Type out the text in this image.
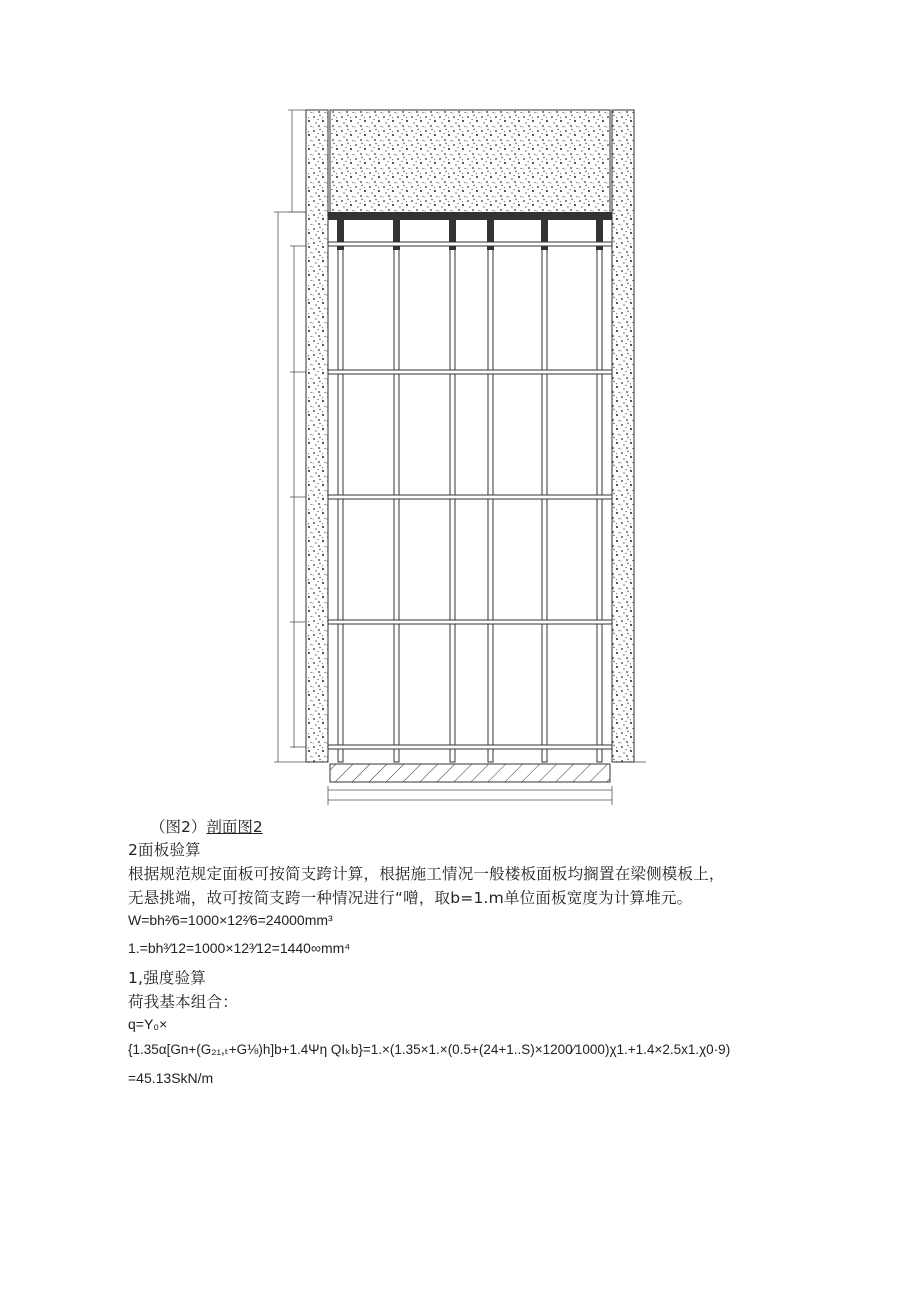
（图2）剖面图2
2面板验算
根据规范规定面板可按简支跨计算，根据施工情况一般楼板面板均搁置在梁侧模板上，
无悬挑端，故可按简支跨一种情况进行“噌，取b=1.m单位面板宽度为计算堆元。
W=bh²∕6=1000×12²∕6=24000mm³
1.=bh³∕12=1000×12³∕12=1440∞mm⁴
1,强度验算
荷我基本组合：
q=Y₀×
{1.35α[Gn+(G₂₁,ₜ+G⅛)h]b+1.4Ψη QIₖb}=1.×(1.35×1.×(0.5+(24+1..S)×1200⁄1000)χ1.+1.4×2.5x1.χ0·9)
=45.13SkN/m
